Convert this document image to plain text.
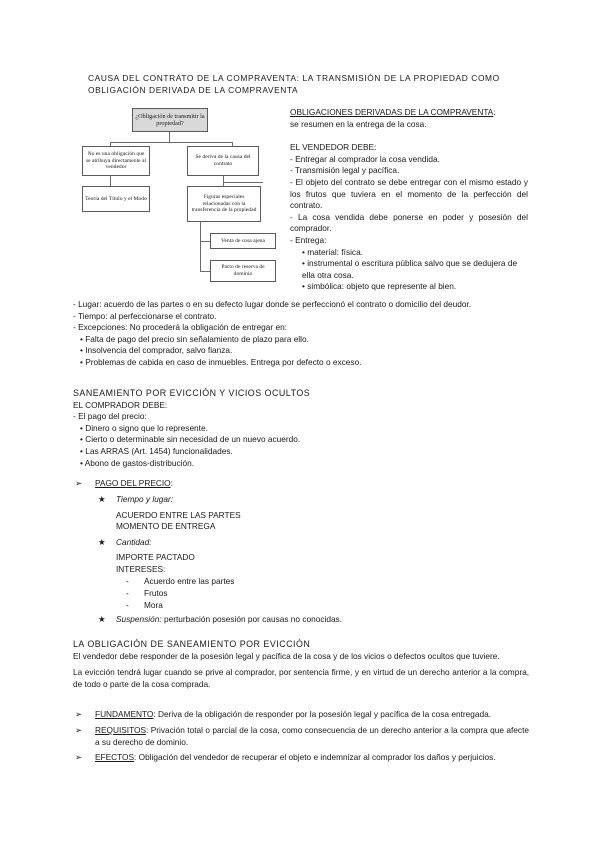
CAUSA DEL CONTRATO DE LA COMPRAVENTA: LA TRANSMISIÓN DE LA PROPIEDAD COMO OBLIGACIÓN DERIVADA DE LA COMPRAVENTA
¿Obligación de transmitir la propiedad?
No es una obligación que se atribuya directamente al vendedor
Se deriva de la causa del contrato
Teoría del Título y el Modo	Figuras especiales relacionadas con la transferencia de la propiedad
Venta de cosa ajena
Pacto de reserva de dominio

OBLIGACIONES DERIVADAS DE LA COMPRAVENTA:

se resumen en la entrega de la cosa.

EL VENDEDOR DEBE:

- Entregar al comprador la cosa vendida.

- Transmisión legal y pacífica.

- El objeto del contrato se debe entregar con el mismo estado y los frutos que tuviera en el momento de la perfección del contrato.

- La cosa vendida debe ponerse en poder y posesión del comprador.

- Entrega:

• material: física.

• instrumental o escritura pública salvo que se dedujera de ella otra cosa.

• simbólica: objeto que represente al bien.

- Lugar: acuerdo de las partes o en su defecto lugar donde se perfeccionó el contrato o domicilio del deudor.

- Tiempo: al perfeccionarse el contrato.

- Excepciones: No procederá la obligación de entregar en:

• Falta de pago del precio sin señalamiento de plazo para ello.

• Insolvencia del comprador, salvo fianza.

• Problemas de cabida en caso de inmuebles. Entrega por defecto o exceso.

SANEAMIENTO POR EVICCIÓN Y VICIOS OCULTOS

EL COMPRADOR DEBE:

- El pago del precio:

• Dinero o signo que lo represente.

• Cierto o determinable sin necesidad de un nuevo acuerdo.

• Las ARRAS (Art. 1454) funcionalidades.

• Abono de gastos-distribución.

➢ PAGO DEL PRECIO:
★ Tiempo y lugar:
ACUERDO ENTRE LAS PARTES
MOMENTO DE ENTREGA
★ Cantidad:
IMPORTE PACTADO
INTERESES:
- Acuerdo entre las partes
- Frutos
- Mora
★ Suspensión: perturbación posesión por causas no conocidas.

LA OBLIGACIÓN DE SANEAMIENTO POR EVICCIÓN

El vendedor debe responder de la posesión legal y pacífica de la cosa y de los vicios o defectos ocultos que tuviere.

La evicción tendrá lugar cuando se prive al comprador, por sentencia firme, y en virtud de un derecho anterior a la compra, de todo o parte de la cosa comprada.

➢	FUNDAMENTO: Deriva de la obligación de responder por la posesión legal y pacífica de la cosa entregada.
➢	REQUISITOS: Privación total o parcial de la cosa, como consecuencia de un derecho anterior a la compra que afecte a su derecho de dominio.
➢	EFECTOS: Obligación del vendedor de recuperar el objeto e indemnizar al comprador los daños y perjuicios.
